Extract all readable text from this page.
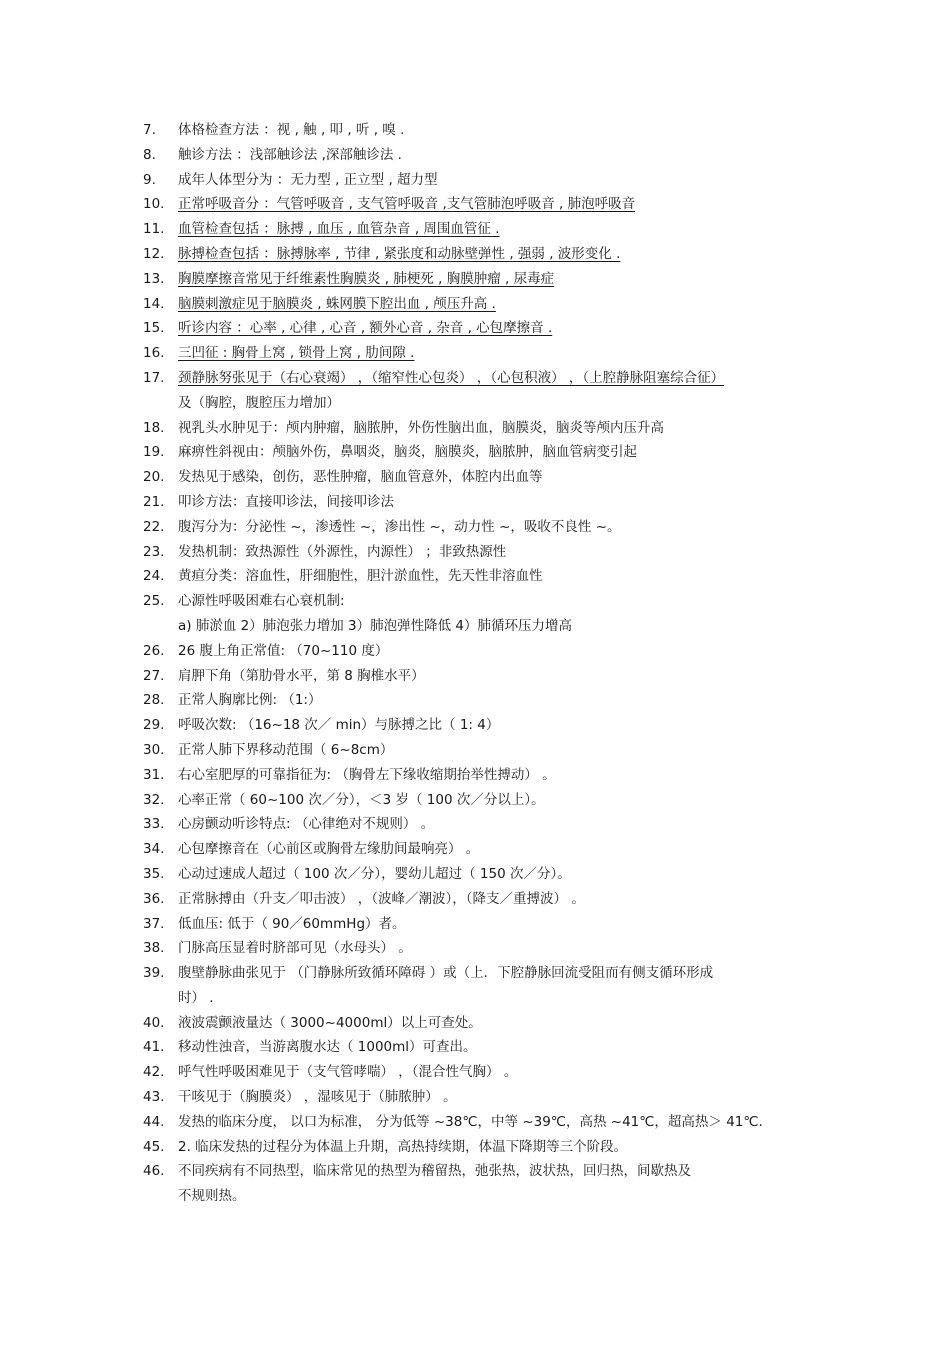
7.	体格检查方法 ：视 , 触 , 叩 , 听 , 嗅 .
8.	触诊方法 ：浅部触诊法 ,深部触诊法 .
9.	成年人体型分为 ：无力型 , 正立型 , 超力型
10.	正常呼吸音分 ：气管呼吸音 , 支气管呼吸音 ,支气管肺泡呼吸音 , 肺泡呼吸音
11.	血管检查包括 ：脉搏 , 血压 , 血管杂音 , 周围血管征 .
12.	脉搏检查包括 ：脉搏脉率 , 节律 , 紧张度和动脉壁弹性 , 强弱 , 波形变化 .
13.	胸膜摩擦音常见于纤维素性胸膜炎 , 肺梗死 , 胸膜肿瘤 , 尿毒症
14.	脑膜刺激症见于脑膜炎 , 蛛网膜下腔出血 , 颅压升高 .
15.	听诊内容 ：心率 , 心律 , 心音 , 额外心音 , 杂音 , 心包摩擦音 .
16.	三凹征 : 胸骨上窝 , 锁骨上窝 , 肋间隙 .
17.	颈静脉努张见于（右心衰竭） ，（缩窄性心包炎） ，（心包积液） ，（上腔静脉阻塞综合征）
及（胸腔，腹腔压力增加）
18.	视乳头水肿见于：颅内肿瘤，脑脓肿，外伤性脑出血，脑膜炎，脑炎等颅内压升高
19.	麻痹性斜视由：颅脑外伤，鼻咽炎，脑炎，脑膜炎，脑脓肿，脑血管病变引起
20.	发热见于感染，创伤，恶性肿瘤，脑血管意外，体腔内出血等
21.	叩诊方法：直接叩诊法，间接叩诊法
22.	腹泻分为：分泌性 ~，渗透性 ~，渗出性 ~，动力性 ~，吸收不良性 ~。
23.	发热机制：致热源性（外源性，内源性） ；非致热源性
24.	黄疸分类：溶血性，肝细胞性，胆汁淤血性，先天性非溶血性
25.	心源性呼吸困难右心衰机制:
a) 肺淤血 2）肺泡张力增加 3）肺泡弹性降低 4）肺循环压力增高
26.	26 腹上角正常值: （70~110 度）
27.	肩胛下角（第肋骨水平，第 8 胸椎水平）
28.	正常人胸廓比例: （1:）
29.	呼吸次数: （16~18 次／ min）与脉搏之比（ 1: 4）
30.	正常人肺下界移动范围（ 6~8cm）
31.	右心室肥厚的可靠指征为: （胸骨左下缘收缩期抬举性搏动） 。
32.	心率正常（ 60~100 次／分），＜3 岁（ 100 次／分以上）。
33.	心房颤动听诊特点: （心律绝对不规则） 。
34.	心包摩擦音在（心前区或胸骨左缘肋间最响亮） 。
35.	心动过速成人超过（ 100 次／分），婴幼儿超过（ 150 次／分）。
36.	正常脉搏由（升支／叩击波） ，（波峰／潮波），（降支／重搏波） 。
37.	低血压: 低于（ 90／60mmHg）者。
38.	门脉高压显着时脐部可见（水母头） 。
39.	腹壁静脉曲张见于 （门静脉所致循环障碍 ）或（上．下腔静脉回流受阻而有侧支循环形成
时） .
40.	液波震颤液量达（ 3000~4000ml）以上可查处。
41.	移动性浊音，当游离腹水达（ 1000ml）可查出。
42.	呼气性呼吸困难见于（支气管哮喘） ，（混合性气胸） 。
43.	干咳见于（胸膜炎） ，湿咳见于（肺脓肿） 。
44.	发热的临床分度， 以口为标准， 分为低等 ~38℃，中等 ~39℃，高热 ~41℃，超高热＞ 41℃.
45.	2. 临床发热的过程分为体温上升期，高热持续期，体温下降期等三个阶段。
46.	不同疾病有不同热型，临床常见的热型为稽留热，弛张热，波状热，回归热，间歇热及
不规则热。
